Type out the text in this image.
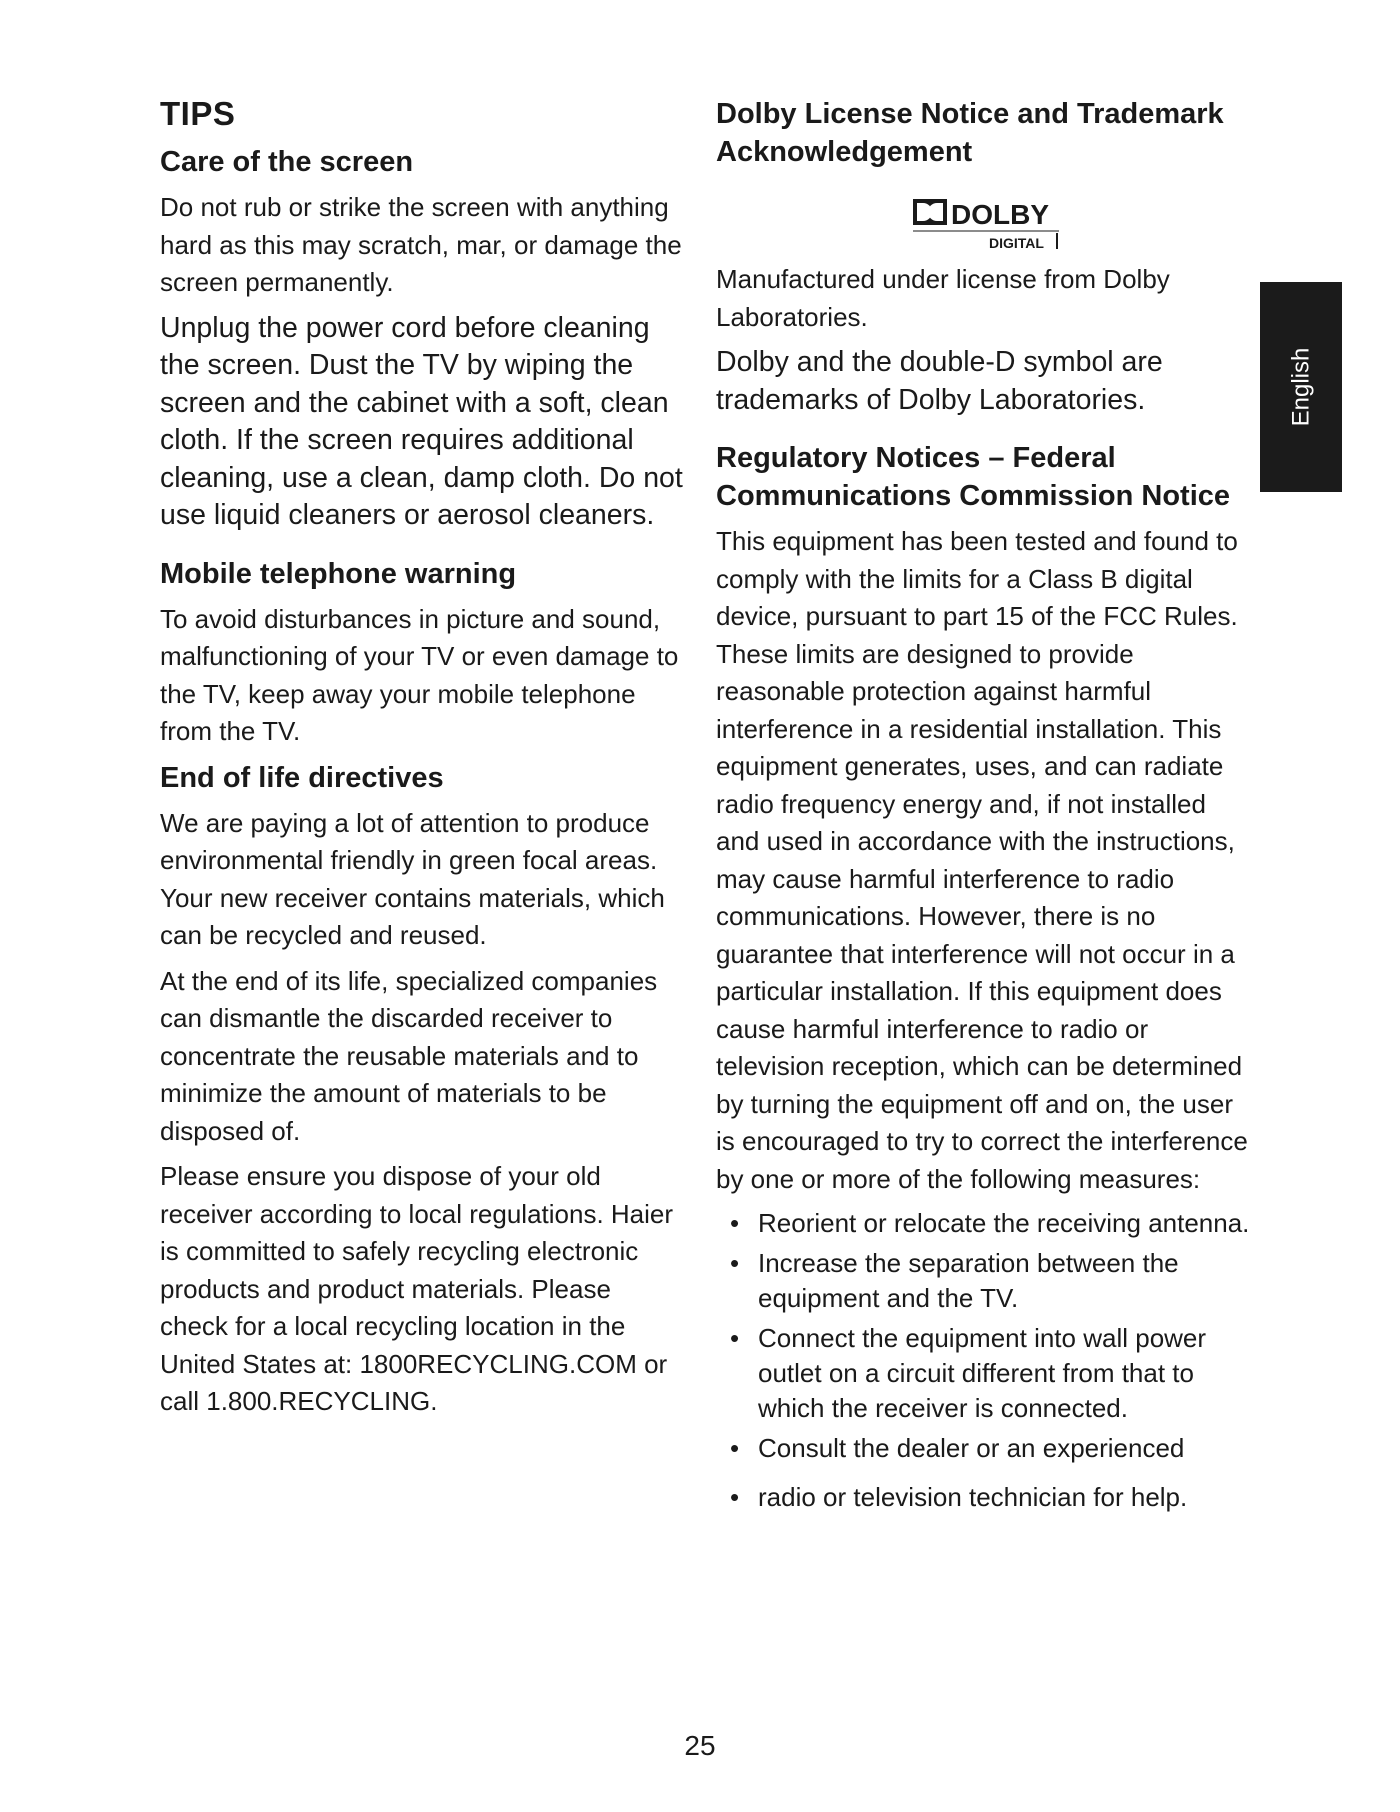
TIPS
Care of the screen

Do not rub or strike the screen with anything hard as this may scratch, mar, or damage the screen permanently.

Unplug the power cord before cleaning the screen. Dust the TV by wiping the screen and the cabinet with a soft, clean cloth. If the screen requires additional cleaning, use a clean, damp cloth. Do not use liquid cleaners or aerosol cleaners.

Mobile telephone warning

To avoid disturbances in picture and sound, malfunctioning of your TV or even damage to the TV, keep away your mobile telephone from the TV.

End of life directives

We are paying a lot of attention to produce environmental friendly in green focal areas. Your new receiver contains materials, which can be recycled and reused.

At the end of its life, specialized companies can dismantle the discarded receiver to concentrate the reusable materials and to minimize the amount of materials to be disposed of.

Please ensure you dispose of your old receiver according to local regulations. Haier is committed to safely recycling electronic products and product materials. Please check for a local recycling location in the United States at: 1800RECYCLING.COM or call 1.800.RECYCLING.

Dolby License Notice and Trademark Acknowledgement
DOLBY
DIGITAL

Manufactured under license from Dolby Laboratories.

Dolby and the double-D symbol are trademarks of Dolby Laboratories.

Regulatory Notices – Federal Communications Commission Notice

This equipment has been tested and found to comply with the limits for a Class B digital device, pursuant to part 15 of the FCC Rules. These limits are designed to provide reasonable protection against harmful interference in a residential installation. This equipment generates, uses, and can radiate radio frequency energy and, if not installed and used in accordance with the instructions, may cause harmful interference to radio communications. However, there is no guarantee that interference will not occur in a particular installation. If this equipment does cause harmful interference to radio or television reception, which can be determined by turning the equipment off and on, the user is encouraged to try to correct the interference by one or more of the following measures:

• Reorient or relocate the receiving antenna.
• Increase the separation between the equipment and the TV.
• Connect the equipment into wall power outlet on a circuit different from that to which the receiver is connected.
• Consult the dealer or an experienced
• radio or television technician for help.
English
25
